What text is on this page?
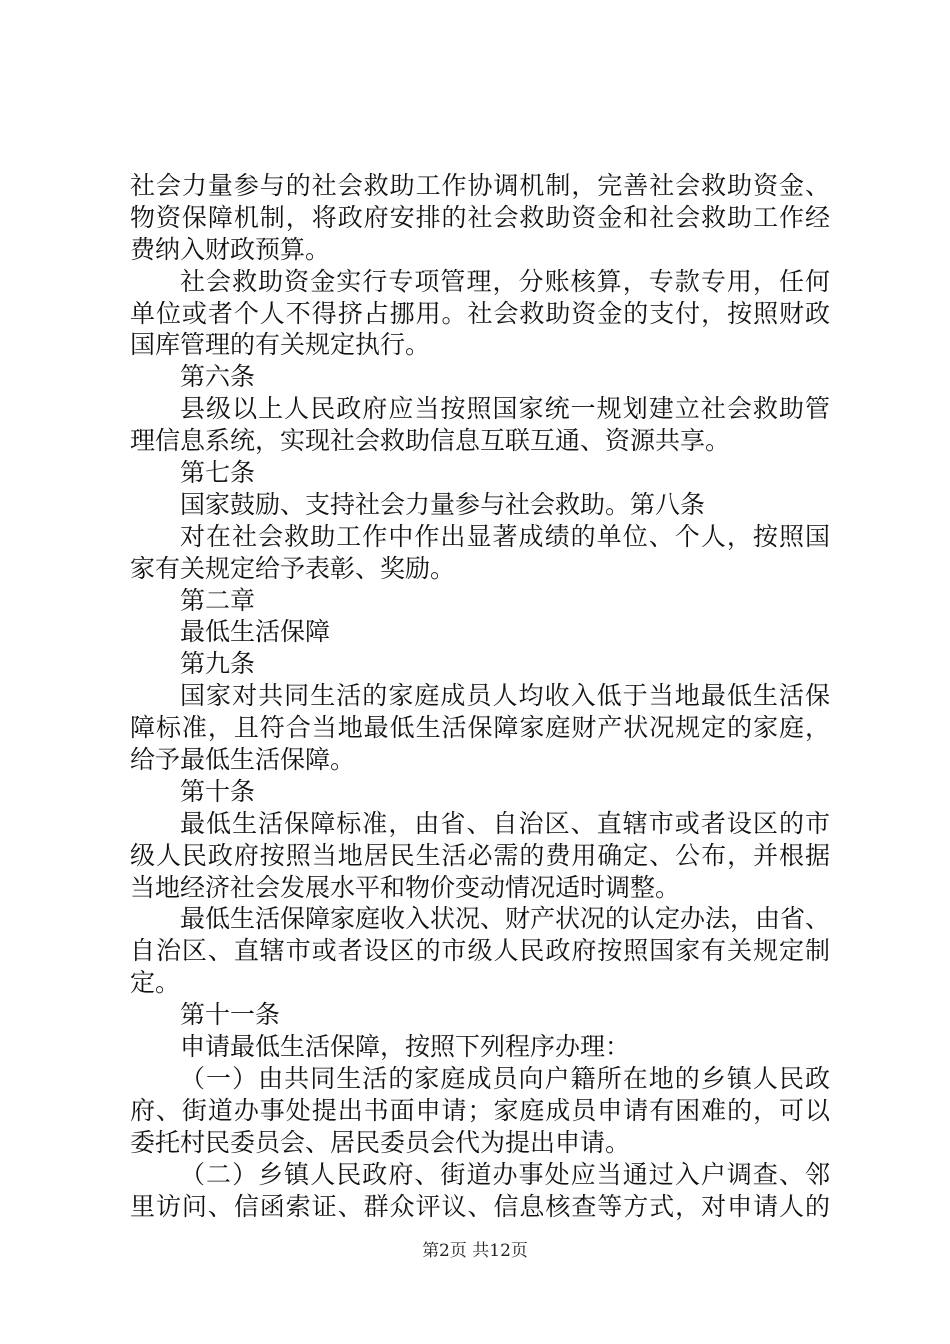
社会力量参与的社会救助工作协调机制，完善社会救助资金、
物资保障机制，将政府安排的社会救助资金和社会救助工作经
费纳入财政预算。
社会救助资金实行专项管理，分账核算，专款专用，任何
单位或者个人不得挤占挪用。社会救助资金的支付，按照财政
国库管理的有关规定执行。
第六条
县级以上人民政府应当按照国家统一规划建立社会救助管
理信息系统，实现社会救助信息互联互通、资源共享。
第七条
国家鼓励、支持社会力量参与社会救助。第八条
对在社会救助工作中作出显著成绩的单位、个人，按照国
家有关规定给予表彰、奖励。
第二章
最低生活保障
第九条
国家对共同生活的家庭成员人均收入低于当地最低生活保
障标准，且符合当地最低生活保障家庭财产状况规定的家庭，
给予最低生活保障。
第十条
最低生活保障标准，由省、自治区、直辖市或者设区的市
级人民政府按照当地居民生活必需的费用确定、公布，并根据
当地经济社会发展水平和物价变动情况适时调整。
最低生活保障家庭收入状况、财产状况的认定办法，由省、
自治区、直辖市或者设区的市级人民政府按照国家有关规定制
定。
第十一条
申请最低生活保障，按照下列程序办理：
（一）由共同生活的家庭成员向户籍所在地的乡镇人民政
府、街道办事处提出书面申请；家庭成员申请有困难的，可以
委托村民委员会、居民委员会代为提出申请。
（二）乡镇人民政府、街道办事处应当通过入户调查、邻
里访问、信函索证、群众评议、信息核查等方式，对申请人的
第2页 共12页
